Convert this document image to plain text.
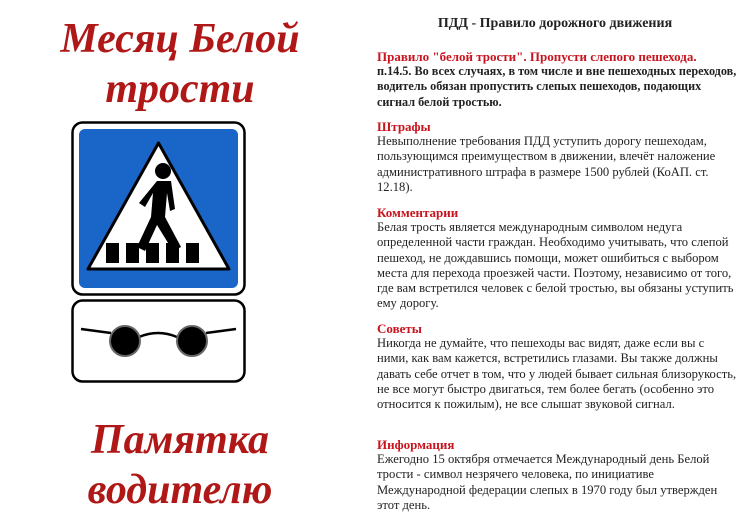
Месяц Белой
трости
Памятка
водителю
ПДД - Правило дорожного движения
Правило "белой трости". Пропусти слепого пешехода.
п.14.5. Во всех случаях, в том числе и вне пешеходных переходов, водитель обязан пропустить слепых пешеходов, подающих сигнал белой тростью.
Штрафы
Невыполнение требования ПДД уступить дорогу пешеходам, пользующимся преимуществом в движении, влечёт наложение административного штрафа в размере 1500 рублей (КоАП. ст. 12.18).
Комментарии
Белая трость является международным символом недуга определенной части граждан. Необходимо учитывать, что слепой пешеход, не дождавшись помощи, может ошибиться с выбором места для перехода проезжей части. Поэтому, независимо от того, где вам встретился человек с белой тростью, вы обязаны уступить ему дорогу.
Советы
Никогда не думайте, что пешеходы вас видят, даже если вы с ними, как вам кажется, встретились глазами. Вы также должны давать себе отчет в том, что у людей бывает сильная близорукость, не все могут быстро двигаться, тем более бегать (особенно это относится к пожилым), не все слышат звуковой сигнал.
Информация
Ежегодно 15 октября отмечается Международный день Белой трости - символ незрячего человека, по инициативе Международной федерации слепых в 1970 году был утвержден этот день.
